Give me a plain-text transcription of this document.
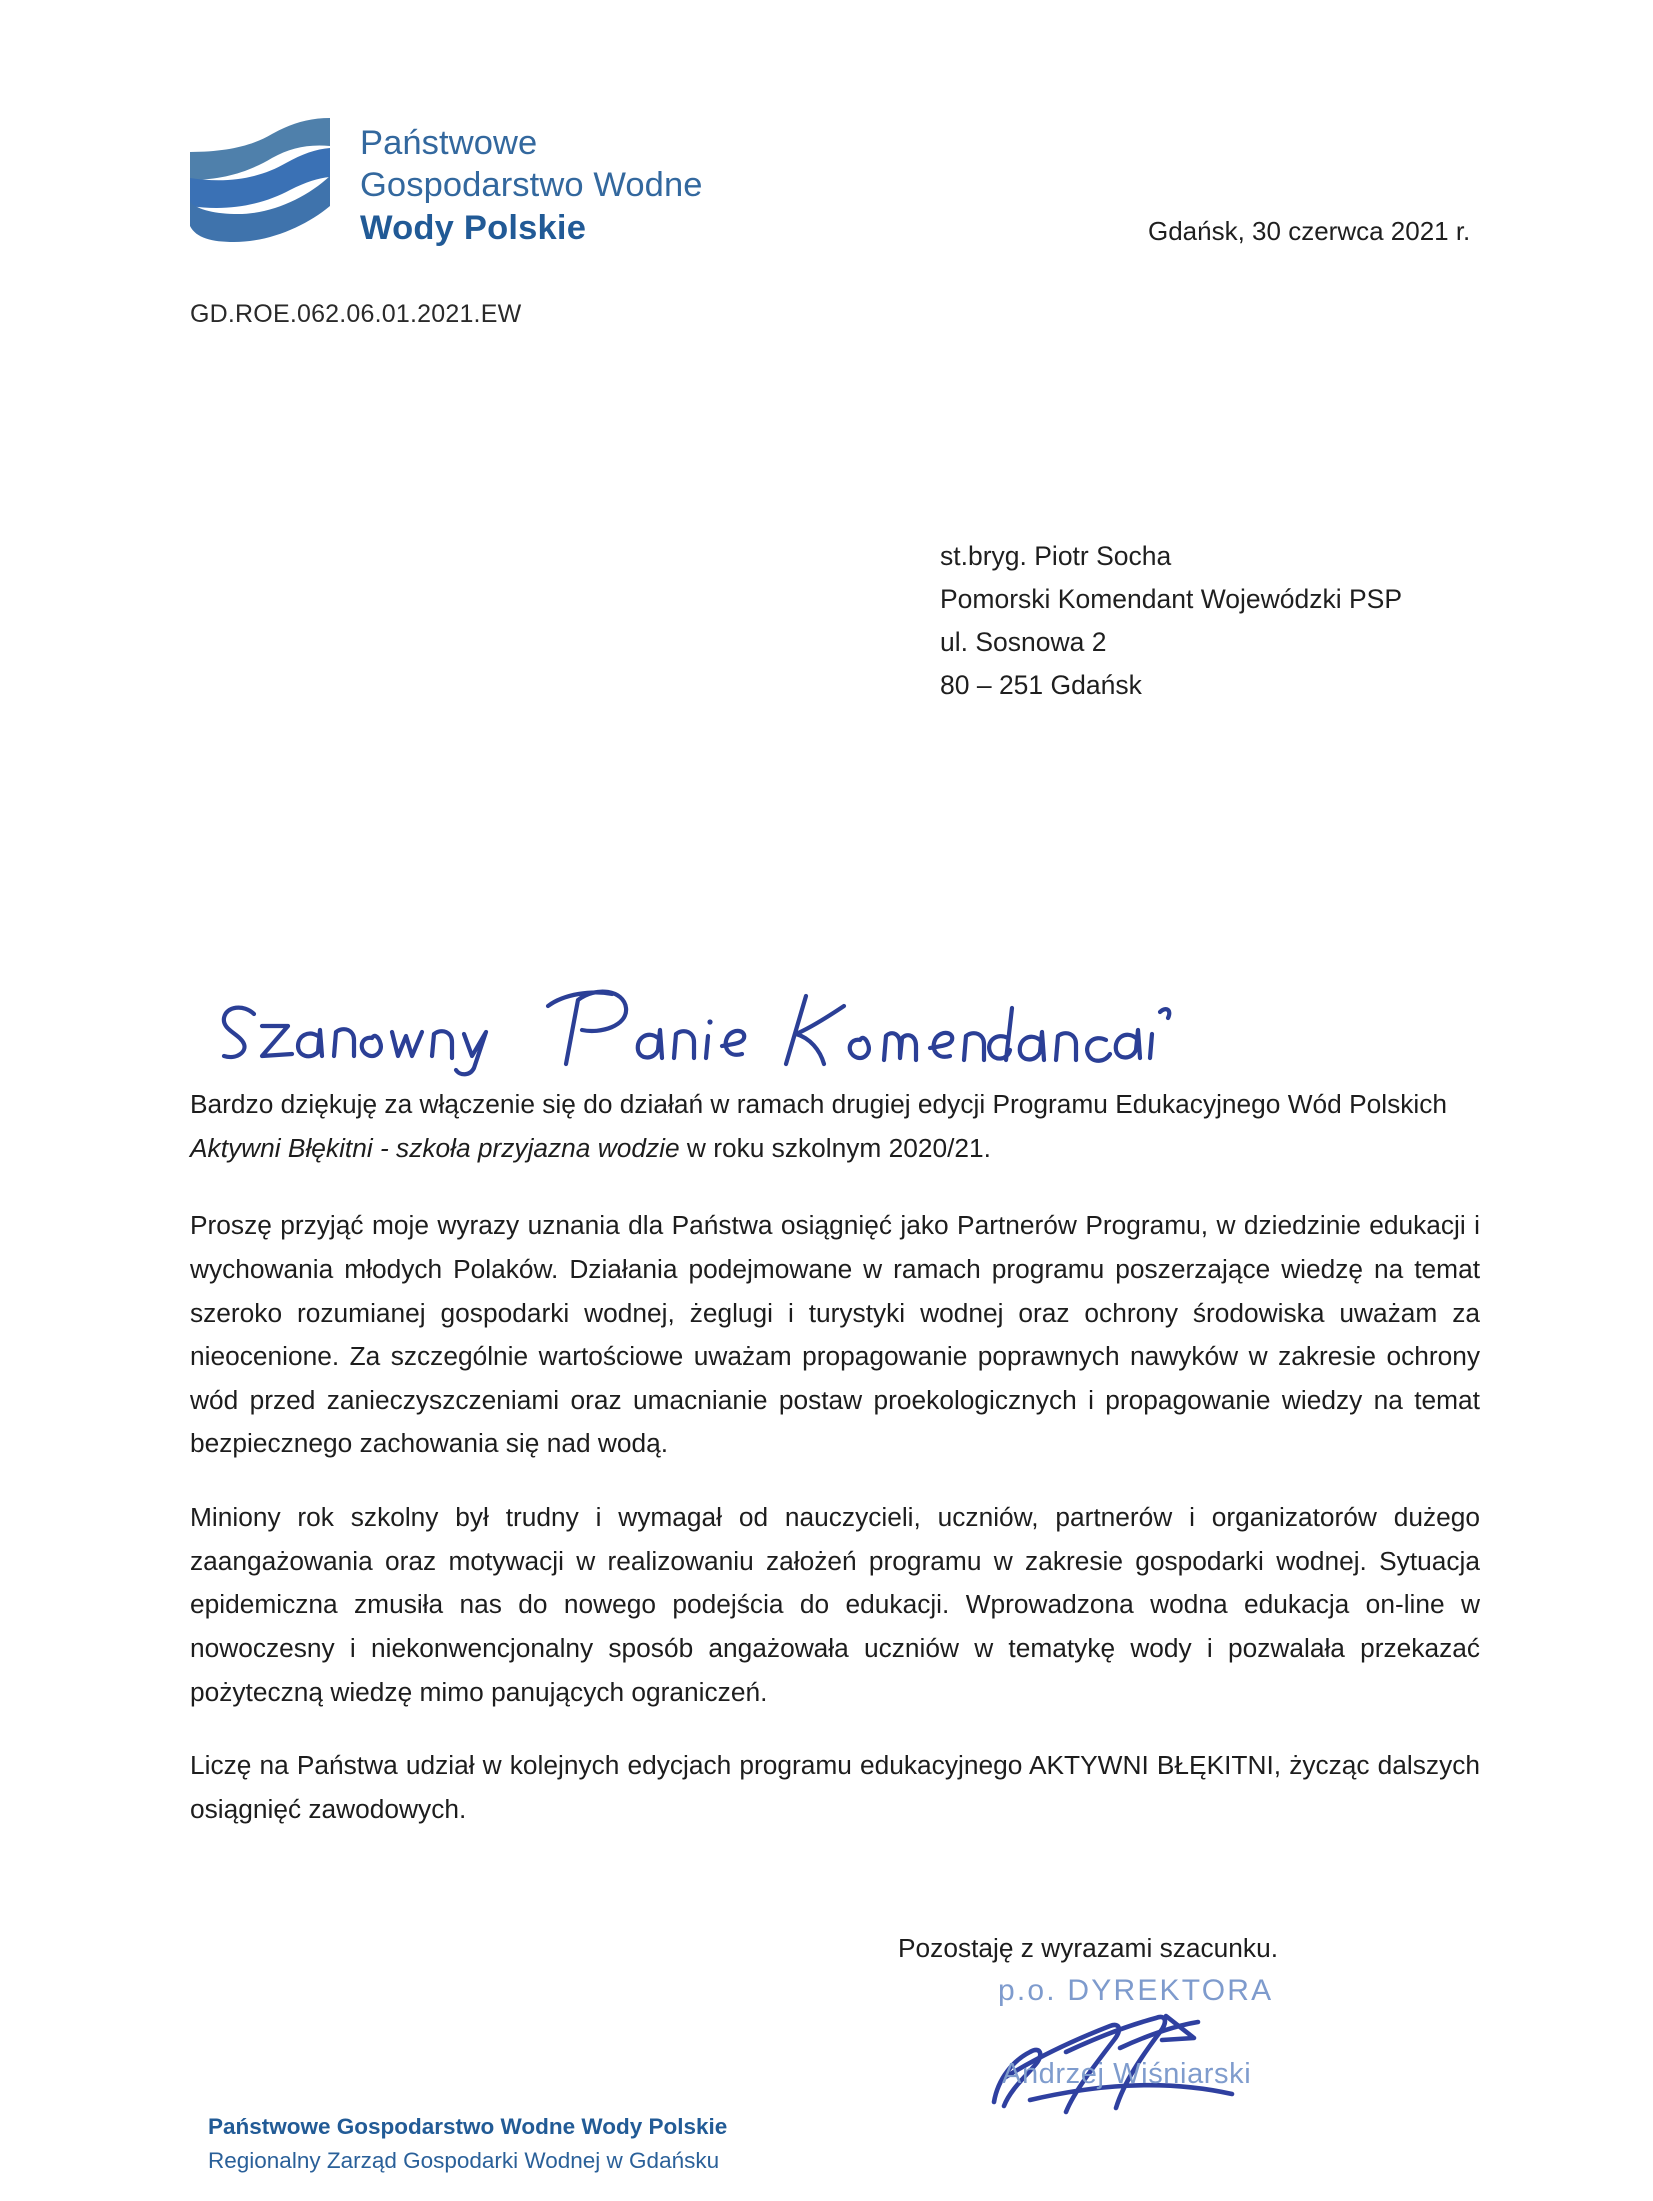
Państwowe
Gospodarstwo Wodne
Wody Polskie
GD.ROE.062.06.01.2021.EW
Gdańsk, 30 czerwca 2021 r.
st.bryg. Piotr Socha
Pomorski Komendant Wojewódzki PSP
ul. Sosnowa 2
80 – 251 Gdańsk

Bardzo dziękuję za włączenie się do działań w ramach drugiej edycji Programu Edukacyjnego Wód Polskich Aktywni Błękitni - szkoła przyjazna wodzie w roku szkolnym 2020/21.

Proszę przyjąć moje wyrazy uznania dla Państwa osiągnięć jako Partnerów Programu, w dziedzinie edukacji i wychowania młodych Polaków. Działania podejmowane w ramach programu poszerzające wiedzę na temat szeroko rozumianej gospodarki wodnej, żeglugi i turystyki wodnej oraz ochrony środowiska uważam za nieocenione. Za szczególnie wartościowe uważam propagowanie poprawnych nawyków w zakresie ochrony wód przed zanieczyszczeniami oraz umacnianie postaw proekologicznych i propagowanie wiedzy na temat bezpiecznego zachowania się nad wodą.

Miniony rok szkolny był trudny i wymagał od nauczycieli, uczniów, partnerów i organizatorów dużego zaangażowania oraz motywacji w realizowaniu założeń programu w zakresie gospodarki wodnej. Sytuacja epidemiczna zmusiła nas do nowego podejścia do edukacji. Wprowadzona wodna edukacja on-line w nowoczesny i niekonwencjonalny sposób angażowała uczniów w tematykę wody i pozwalała przekazać pożyteczną wiedzę mimo panujących ograniczeń.

Liczę na Państwa udział w kolejnych edycjach programu edukacyjnego AKTYWNI BŁĘKITNI, życząc dalszych osiągnięć zawodowych.

Pozostaję z wyrazami szacunku.
p.o. DYREKTORA
Andrzej Wiśniarski
Państwowe Gospodarstwo Wodne Wody Polskie
Regionalny Zarząd Gospodarki Wodnej w Gdańsku
